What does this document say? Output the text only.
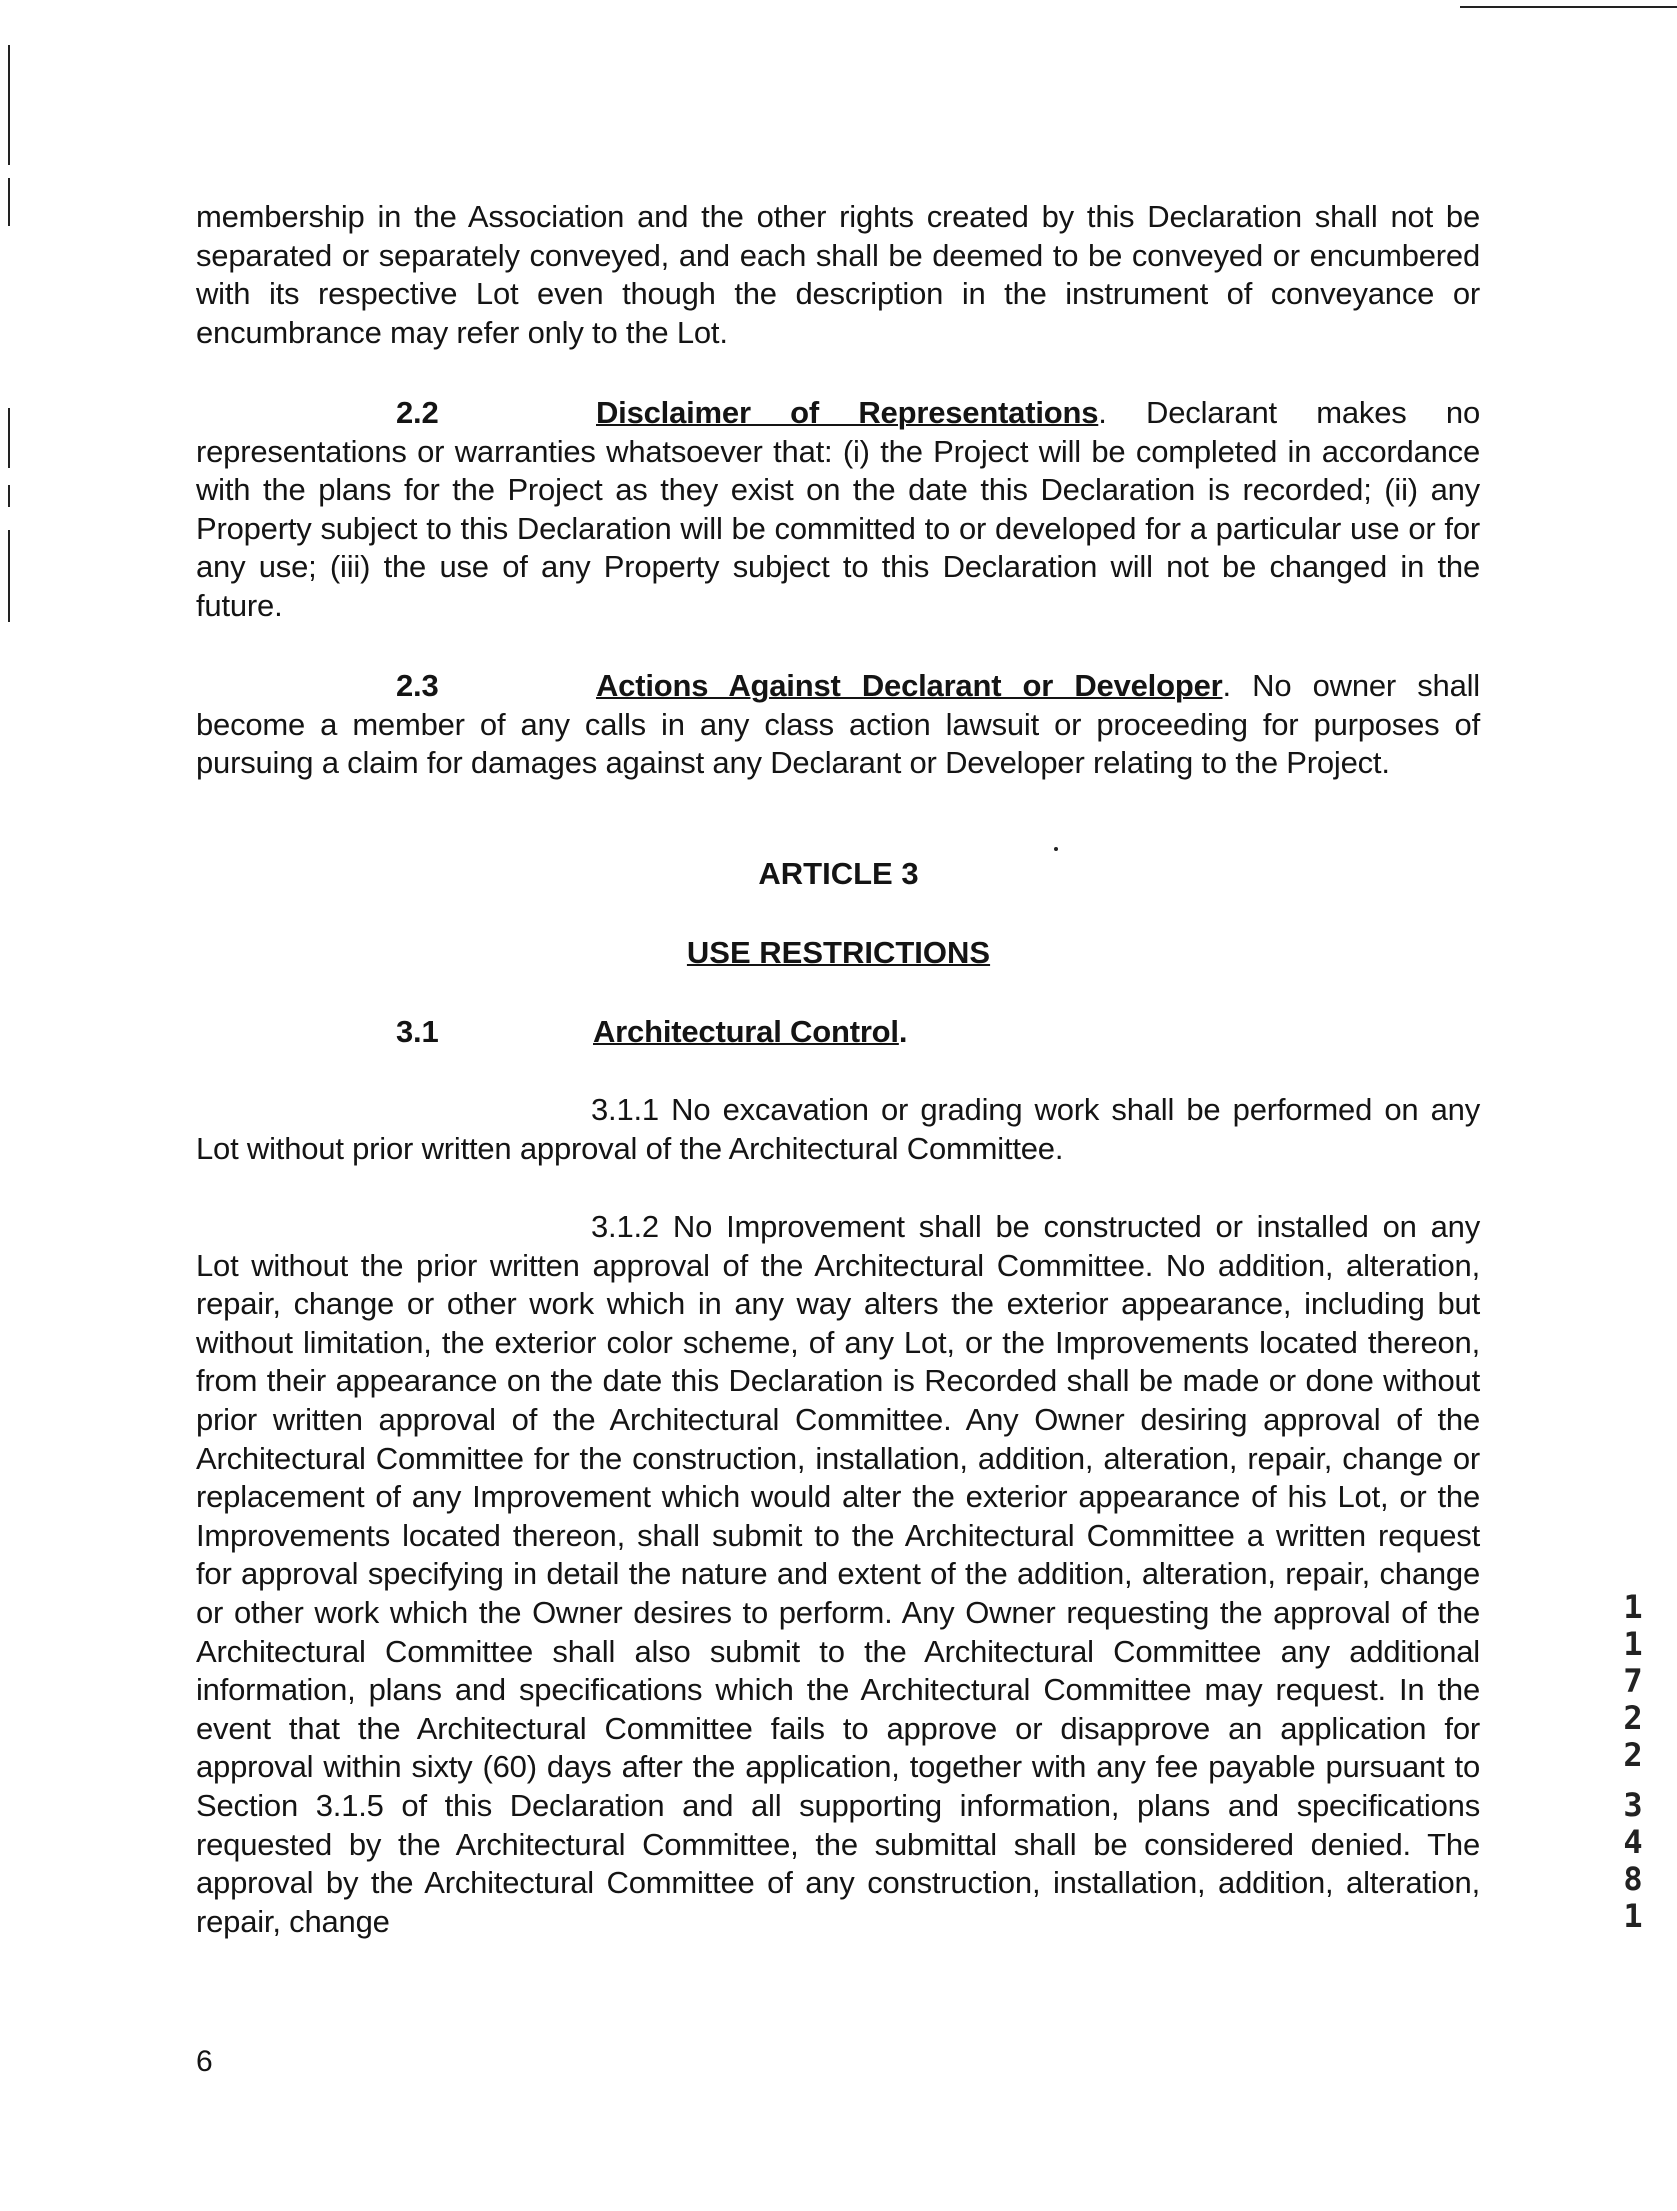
membership in the Association and the other rights created by this Declaration shall not be separated or separately conveyed, and each shall be deemed to be conveyed or encumbered with its respective Lot even though the description in the instrument of conveyance or encumbrance may refer only to the Lot.

2.2	Disclaimer of Representations. Declarant makes no representations or warranties whatsoever that: (i) the Project will be completed in accordance with the plans for the Project as they exist on the date this Declaration is recorded; (ii) any Property subject to this Declaration will be committed to or developed for a particular use or for any use; (iii) the use of any Property subject to this Declaration will not be changed in the future.

2.3	Actions Against Declarant or Developer. No owner shall become a member of any calls in any class action lawsuit or proceeding for purposes of pursuing a claim for damages against any Declarant or Developer relating to the Project.

ARTICLE 3
USE RESTRICTIONS
3.1	Architectural Control.

3.1.1 No excavation or grading work shall be performed on any Lot without prior written approval of the Architectural Committee.

3.1.2 No Improvement shall be constructed or installed on any Lot without the prior written approval of the Architectural Committee. No addition, alteration, repair, change or other work which in any way alters the exterior appearance, including but without limitation, the exterior color scheme, of any Lot, or the Improvements located thereon, from their appearance on the date this Declaration is Recorded shall be made or done without prior written approval of the Architectural Committee. Any Owner desiring approval of the Architectural Committee for the construction, installation, addition, alteration, repair, change or replacement of any Improvement which would alter the exterior appearance of his Lot, or the Improvements located thereon, shall submit to the Architectural Committee a written request for approval specifying in detail the nature and extent of the addition, alteration, repair, change or other work which the Owner desires to perform. Any Owner requesting the approval of the Architectural Committee shall also submit to the Architectural Committee any additional information, plans and specifications which the Architectural Committee may request. In the event that the Architectural Committee fails to approve or disapprove an application for approval within sixty (60) days after the application, together with any fee payable pursuant to Section 3.1.5 of this Declaration and all supporting information, plans and specifications requested by the Architectural Committee, the submittal shall be considered denied. The approval by the Architectural Committee of any construction, installation, addition, alteration, repair, change

6
1
1
7
2
2
3
4
8
1
